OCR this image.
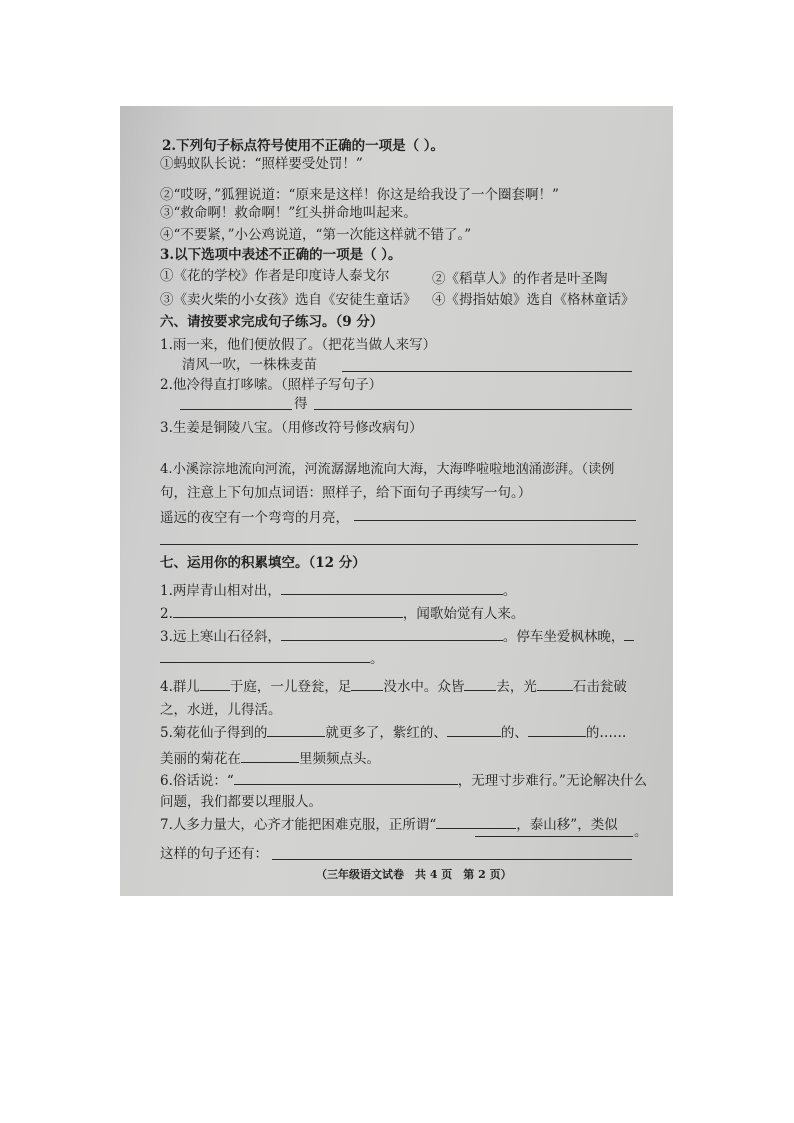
2.下列句子标点符号使用不正确的一项是（ ）。
①蚂蚁队长说：“照样要受处罚！”
②“哎呀，”狐狸说道：“原来是这样！你这是给我设了一个圈套啊！”
③“救命啊！救命啊！”红头拼命地叫起来。
④“不要紧，”小公鸡说道，“第一次能这样就不错了。”
3.以下选项中表述不正确的一项是（ ）。
①《花的学校》作者是印度诗人泰戈尔	②《稻草人》的作者是叶圣陶
③《卖火柴的小女孩》选自《安徒生童话》 ④《拇指姑娘》选自《格林童话》
六、请按要求完成句子练习。（9 分）
1.雨一来，他们便放假了。（把花当做人来写）
清风一吹，一株株麦苗
2.他冷得直打哆嗦。（照样子写句子）
得
3.生姜是铜陵八宝。（用修改符号修改病句）
4.小溪淙淙地流向河流，河流潺潺地流向大海，大海哗啦啦地汹涌澎湃。（读例
句，注意上下句加点词语：照样子，给下面句子再续写一句。）
遥远的夜空有一个弯弯的月亮，
七、运用你的积累填空。（12 分）
1.两岸青山相对出，	。
2.	，闻歌始觉有人来。
3.远上寒山石径斜，	。停车坐爱枫林晚，
。
4.群儿 于庭，一儿登瓮，足 没水中。众皆 去，光	石击瓮破
之，水迸，儿得活。
5.菊花仙子得到的	就更多了，紫红的、	的、	的……
美丽的菊花在	里频频点头。
6.俗话说：“	，无理寸步难行。”无论解决什么
问题，我们都要以理服人。
7.人多力量大，心齐才能把困难克服，正所谓“	，泰山移”，类似 。
这样的句子还有：
（三年级语文试卷　共 4 页　第 2 页）
